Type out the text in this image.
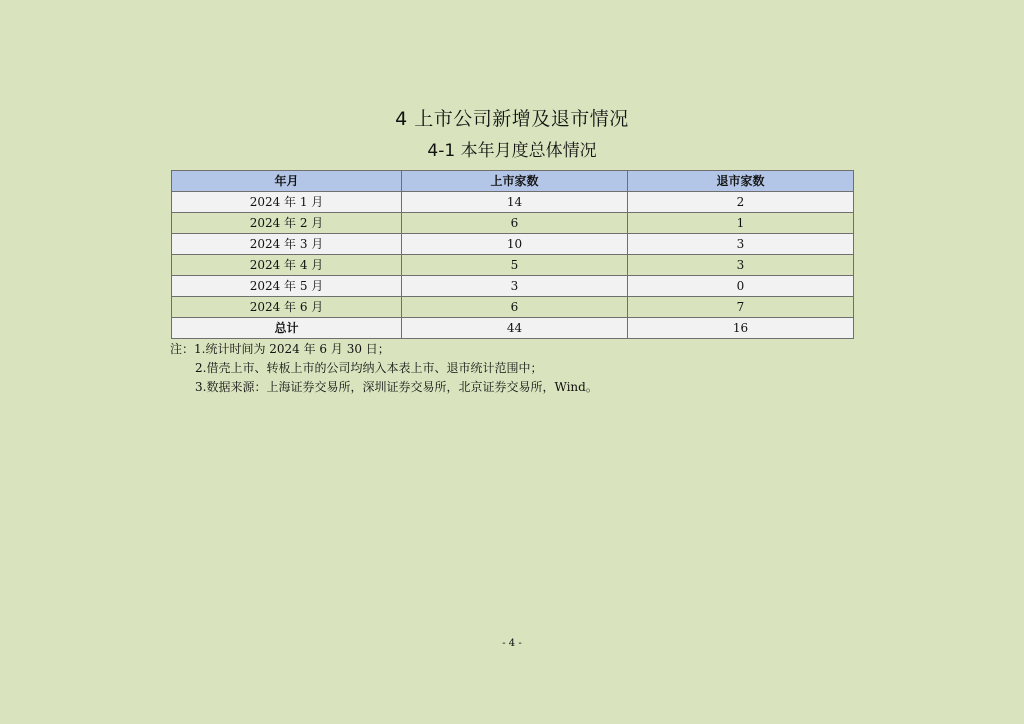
4 上市公司新增及退市情况
4-1 本年月度总体情况
年月	上市家数	退市家数
2024 年 1 月	14	2
2024 年 2 月	6	1
2024 年 3 月	10	3
2024 年 4 月	5	3
2024 年 5 月	3	0
2024 年 6 月	6	7
总计	44	16
注：1.统计时间为 2024 年 6 月 30 日；
2.借壳上市、转板上市的公司均纳入本表上市、退市统计范围中；
3.数据来源：上海证券交易所，深圳证券交易所，北京证券交易所，Wind。
- 4 -
